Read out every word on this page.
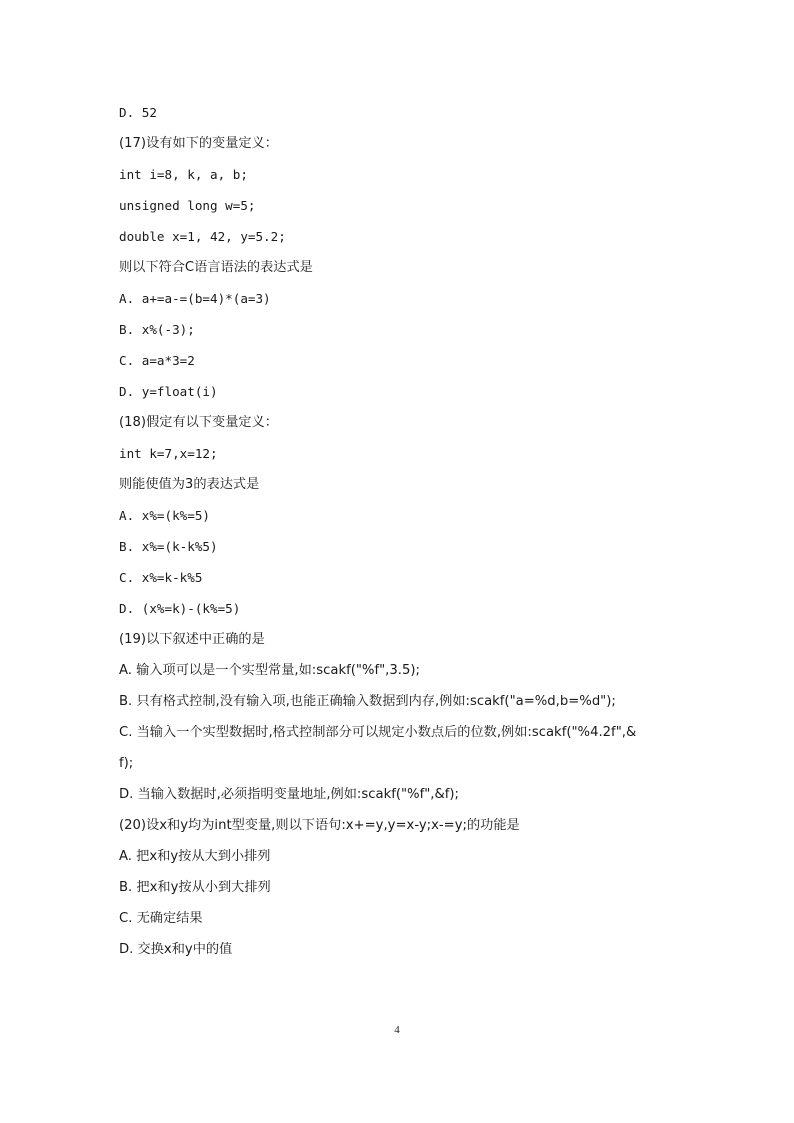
D. 52
(17)设有如下的变量定义：
int i=8, k, a, b;
unsigned long w=5;
double x=1, 42, y=5.2;
则以下符合C语言语法的表达式是
A. a+=a-=(b=4)*(a=3)
B. x%(-3);
C. a=a*3=2
D. y=float(i)
(18)假定有以下变量定义：
int k=7,x=12;
则能使值为3的表达式是
A. x%=(k%=5)
B. x%=(k-k%5)
C. x%=k-k%5
D. (x%=k)-(k%=5)
(19)以下叙述中正确的是
A. 输入项可以是一个实型常量,如:scakf("%f",3.5);
B. 只有格式控制,没有输入项,也能正确输入数据到内存,例如:scakf("a=%d,b=%d");
C. 当输入一个实型数据时,格式控制部分可以规定小数点后的位数,例如:scakf("%4.2f",&
f);
D. 当输入数据时,必须指明变量地址,例如:scakf("%f",&f);
(20)设x和y均为int型变量,则以下语句:x+=y,y=x-y;x-=y;的功能是
A. 把x和y按从大到小排列
B. 把x和y按从小到大排列
C. 无确定结果
D. 交换x和y中的值
4
